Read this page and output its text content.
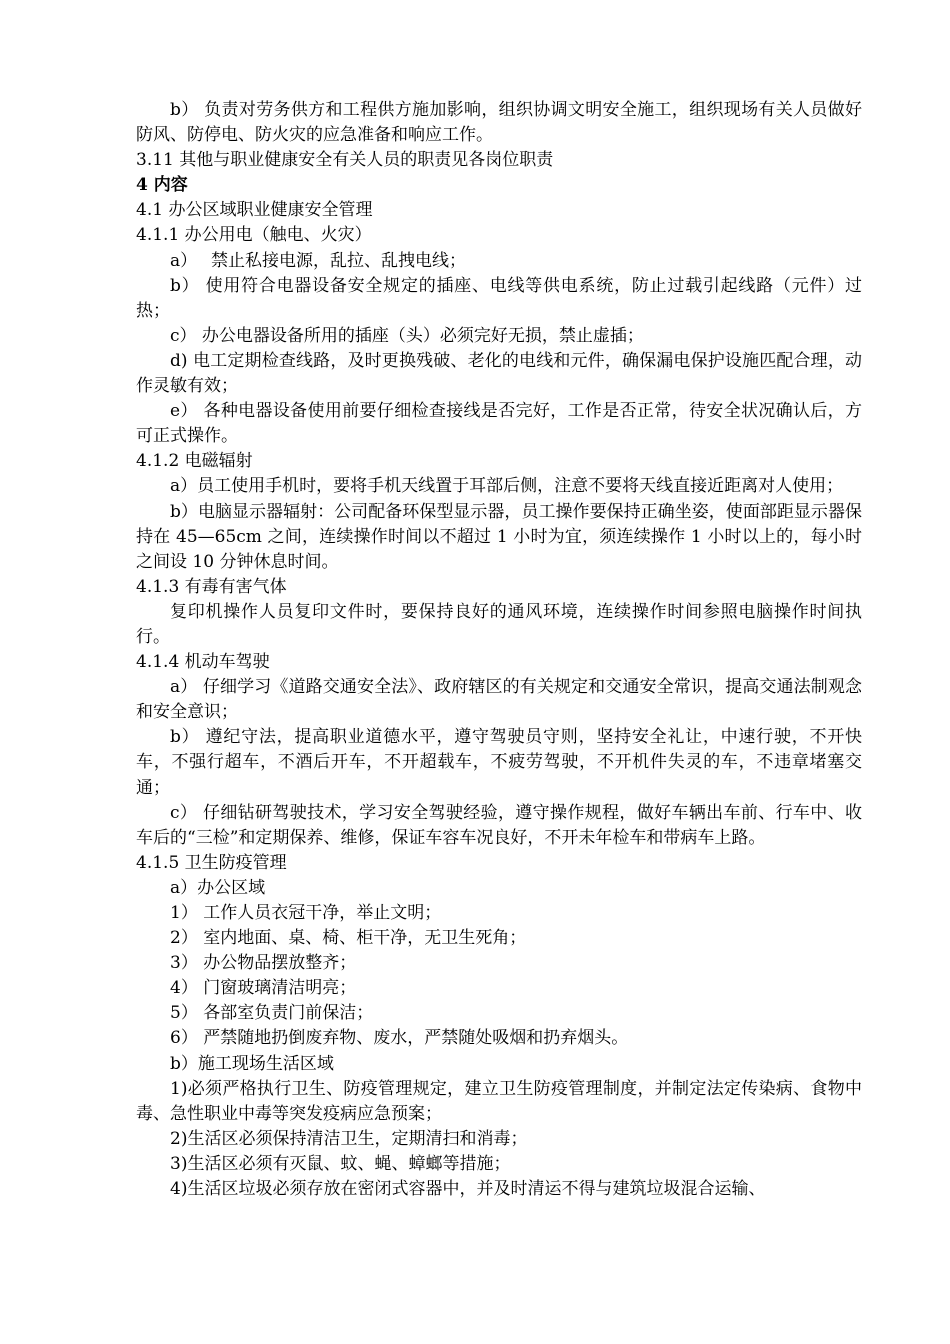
b） 负责对劳务供方和工程供方施加影响，组织协调文明安全施工，组织现场有关人员做好防风、防停电、防火灾的应急准备和响应工作。

3.11 其他与职业健康安全有关人员的职责见各岗位职责

4 内容

4.1 办公区域职业健康安全管理

4.1.1 办公用电（触电、火灾）

a）　 禁止私接电源，乱拉、乱拽电线；

b） 使用符合电器设备安全规定的插座、电线等供电系统，防止过载引起线路（元件）过热；

c） 办公电器设备所用的插座（头）必须完好无损，禁止虚插；

d) 电工定期检查线路，及时更换残破、老化的电线和元件，确保漏电保护设施匹配合理，动作灵敏有效；

e） 各种电器设备使用前要仔细检查接线是否完好，工作是否正常，待安全状况确认后，方可正式操作。

4.1.2 电磁辐射

a）员工使用手机时，要将手机天线置于耳部后侧，注意不要将天线直接近距离对人使用；

b）电脑显示器辐射：公司配备环保型显示器，员工操作要保持正确坐姿，使面部距显示器保持在 45—65cm 之间，连续操作时间以不超过 1 小时为宜，须连续操作 1 小时以上的，每小时之间设 10 分钟休息时间。

4.1.3 有毒有害气体

复印机操作人员复印文件时，要保持良好的通风环境，连续操作时间参照电脑操作时间执行。

4.1.4 机动车驾驶

a） 仔细学习《道路交通安全法》、政府辖区的有关规定和交通安全常识，提高交通法制观念和安全意识；

b） 遵纪守法，提高职业道德水平，遵守驾驶员守则，坚持安全礼让，中速行驶，不开快车，不强行超车，不酒后开车，不开超载车，不疲劳驾驶，不开机件失灵的车，不违章堵塞交通；

c） 仔细钻研驾驶技术，学习安全驾驶经验，遵守操作规程，做好车辆出车前、行车中、收车后的“三检”和定期保养、维修，保证车容车况良好，不开未年检车和带病车上路。

4.1.5 卫生防疫管理

a）办公区域

1） 工作人员衣冠干净，举止文明；

2） 室内地面、桌、椅、柜干净，无卫生死角；

3） 办公物品摆放整齐；

4） 门窗玻璃清洁明亮；

5） 各部室负责门前保洁；

6） 严禁随地扔倒废弃物、废水，严禁随处吸烟和扔弃烟头。

b）施工现场生活区域

1)必须严格执行卫生、防疫管理规定，建立卫生防疫管理制度，并制定法定传染病、食物中毒、急性职业中毒等突发疫病应急预案；

2)生活区必须保持清洁卫生，定期清扫和消毒；

3)生活区必须有灭鼠、蚊、蝇、蟑螂等措施；

4)生活区垃圾必须存放在密闭式容器中，并及时清运不得与建筑垃圾混合运输、
